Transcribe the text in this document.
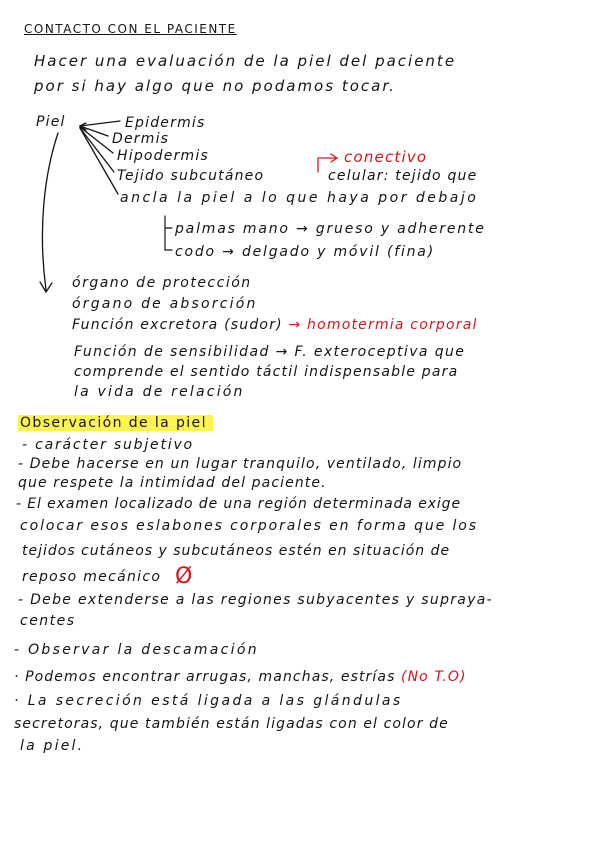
CONTACTO CON EL PACIENTE
Hacer una evaluación de la piel del paciente
por si hay algo que no podamos tocar.
Piel	Epidermis
Dermis
Hipodermis
Tejido subcutáneo
conectivo
celular: tejido que
ancla la piel a lo que haya por debajo
palmas mano → grueso y adherente
codo → delgado y móvil (fina)
órgano de protección
órgano de absorción
Función excretora (sudor) → homotermia corporal
Función de sensibilidad → F. exteroceptiva que
comprende el sentido táctil indispensable para
la vida de relación
Observación de la piel
- carácter subjetivo
- Debe hacerse en un lugar tranquilo, ventilado, limpio
que respete la intimidad del paciente.
- El examen localizado de una región determinada exige
colocar esos eslabones corporales en forma que los
tejidos cutáneos y subcutáneos estén en situación de
reposo mecánico Ø
- Debe extenderse a las regiones subyacentes y supraya-
centes
- Observar la descamación
· Podemos encontrar arrugas, manchas, estrías (No T.O)
· La secreción está ligada a las glándulas
secretoras, que también están ligadas con el color de
la piel.
